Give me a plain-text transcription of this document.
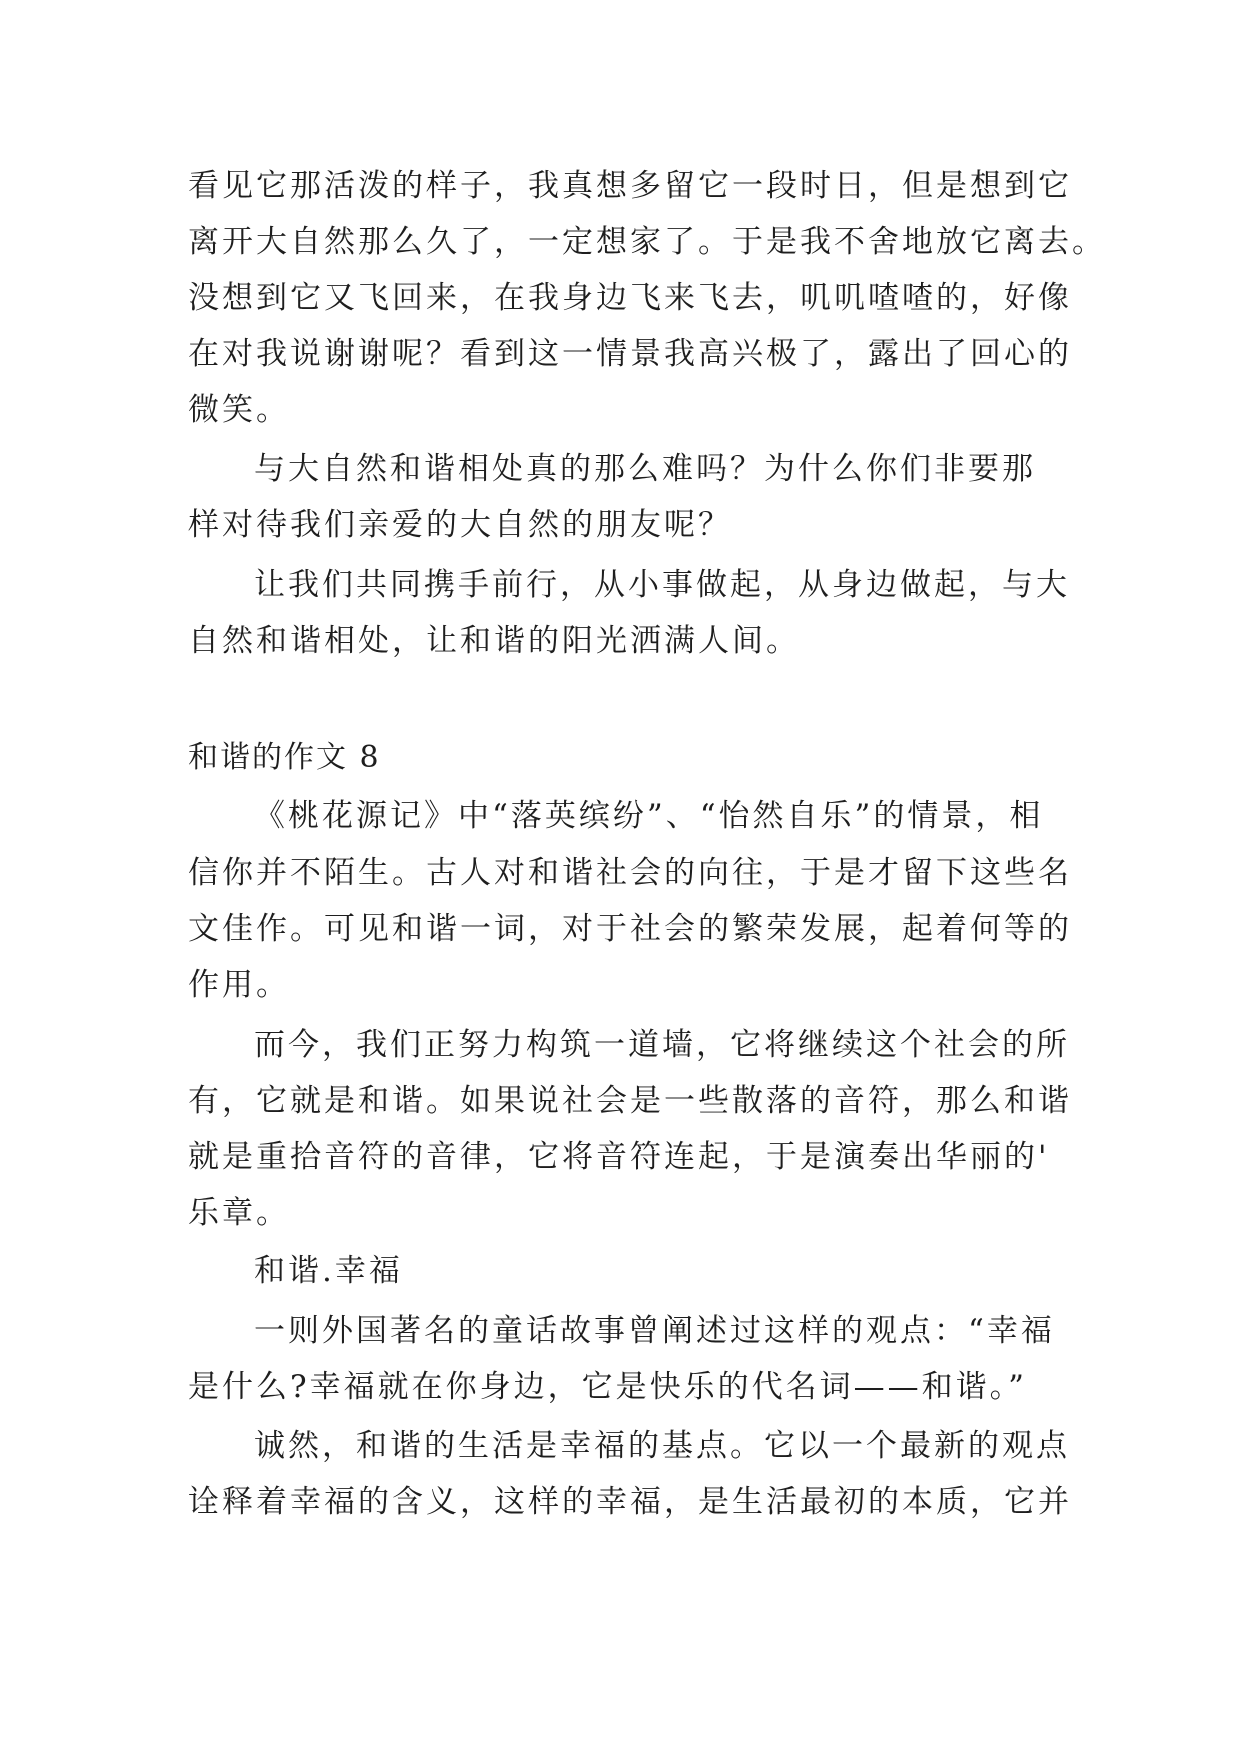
看见它那活泼的样子，我真想多留它一段时日，但是想到它
离开大自然那么久了，一定想家了。于是我不舍地放它离去。
没想到它又飞回来，在我身边飞来飞去，叽叽喳喳的，好像
在对我说谢谢呢？看到这一情景我高兴极了，露出了回心的
微笑。
与大自然和谐相处真的那么难吗？为什么你们非要那
样对待我们亲爱的大自然的朋友呢？
让我们共同携手前行，从小事做起，从身边做起，与大
自然和谐相处，让和谐的阳光洒满人间。
和谐的作文 8
《桃花源记》中“落英缤纷”、“怡然自乐”的情景，相
信你并不陌生。古人对和谐社会的向往，于是才留下这些名
文佳作。可见和谐一词，对于社会的繁荣发展，起着何等的
作用。
而今，我们正努力构筑一道墙，它将继续这个社会的所
有，它就是和谐。如果说社会是一些散落的音符，那么和谐
就是重拾音符的音律，它将音符连起，于是演奏出华丽的'
乐章。
和谐.幸福
一则外国著名的童话故事曾阐述过这样的观点：“幸福
是什么?幸福就在你身边，它是快乐的代名词——和谐。”
诚然，和谐的生活是幸福的基点。它以一个最新的观点
诠释着幸福的含义，这样的幸福，是生活最初的本质，它并
